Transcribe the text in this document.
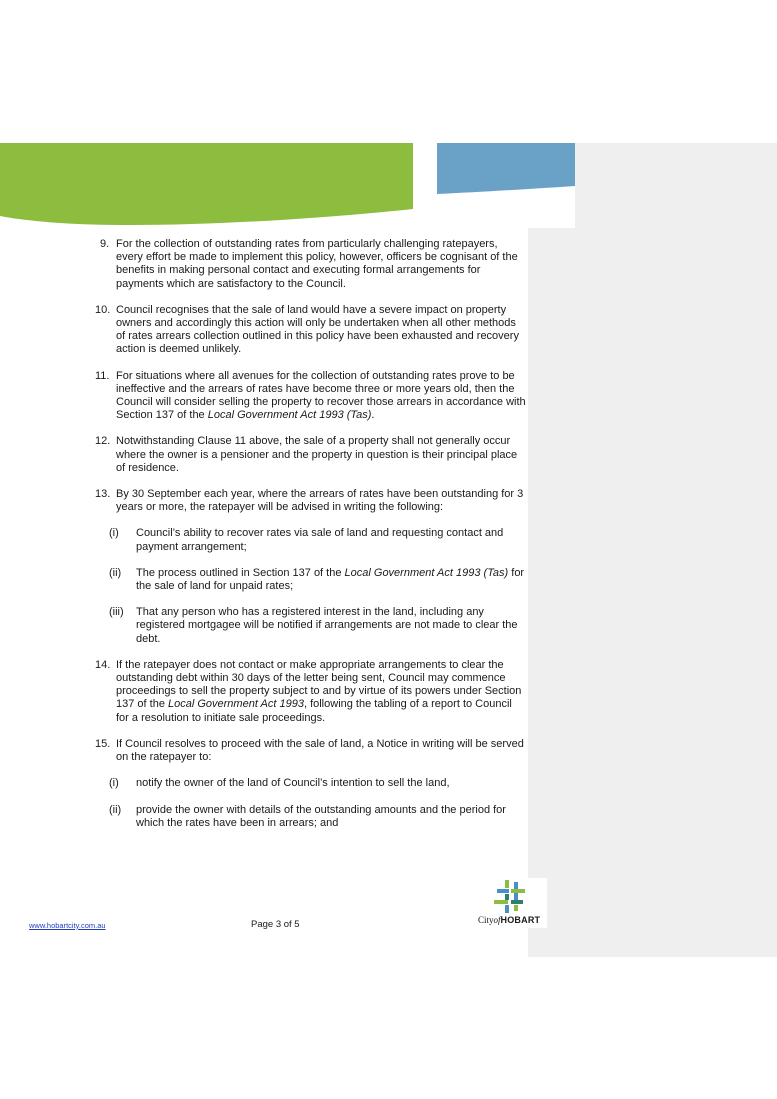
9. For the collection of outstanding rates from particularly challenging ratepayers, every effort be made to implement this policy, however, officers be cognisant of the benefits in making personal contact and executing formal arrangements for payments which are satisfactory to the Council.

10. Council recognises that the sale of land would have a severe impact on property owners and accordingly this action will only be undertaken when all other methods of rates arrears collection outlined in this policy have been exhausted and recovery action is deemed unlikely.

11. For situations where all avenues for the collection of outstanding rates prove to be ineffective and the arrears of rates have become three or more years old, then the Council will consider selling the property to recover those arrears in accordance with Section 137 of the Local Government Act 1993 (Tas).

12. Notwithstanding Clause 11 above, the sale of a property shall not generally occur where the owner is a pensioner and the property in question is their principal place of residence.

13. By 30 September each year, where the arrears of rates have been outstanding for 3 years or more, the ratepayer will be advised in writing the following:

(i) Council’s ability to recover rates via sale of land and requesting contact and payment arrangement;

(ii) The process outlined in Section 137 of the Local Government Act 1993 (Tas) for the sale of land for unpaid rates;

(iii) That any person who has a registered interest in the land, including any registered mortgagee will be notified if arrangements are not made to clear the debt.

14. If the ratepayer does not contact or make appropriate arrangements to clear the outstanding debt within 30 days of the letter being sent, Council may commence proceedings to sell the property subject to and by virtue of its powers under Section 137 of the Local Government Act 1993, following the tabling of a report to Council for a resolution to initiate sale proceedings.

15. If Council resolves to proceed with the sale of land, a Notice in writing will be served on the ratepayer to:

(i) notify the owner of the land of Council’s intention to sell the land,

(ii) provide the owner with details of the outstanding amounts and the period for which the rates have been in arrears; and

www.hobartcity.com.au	Page 3 of 5	CityofHOBART
